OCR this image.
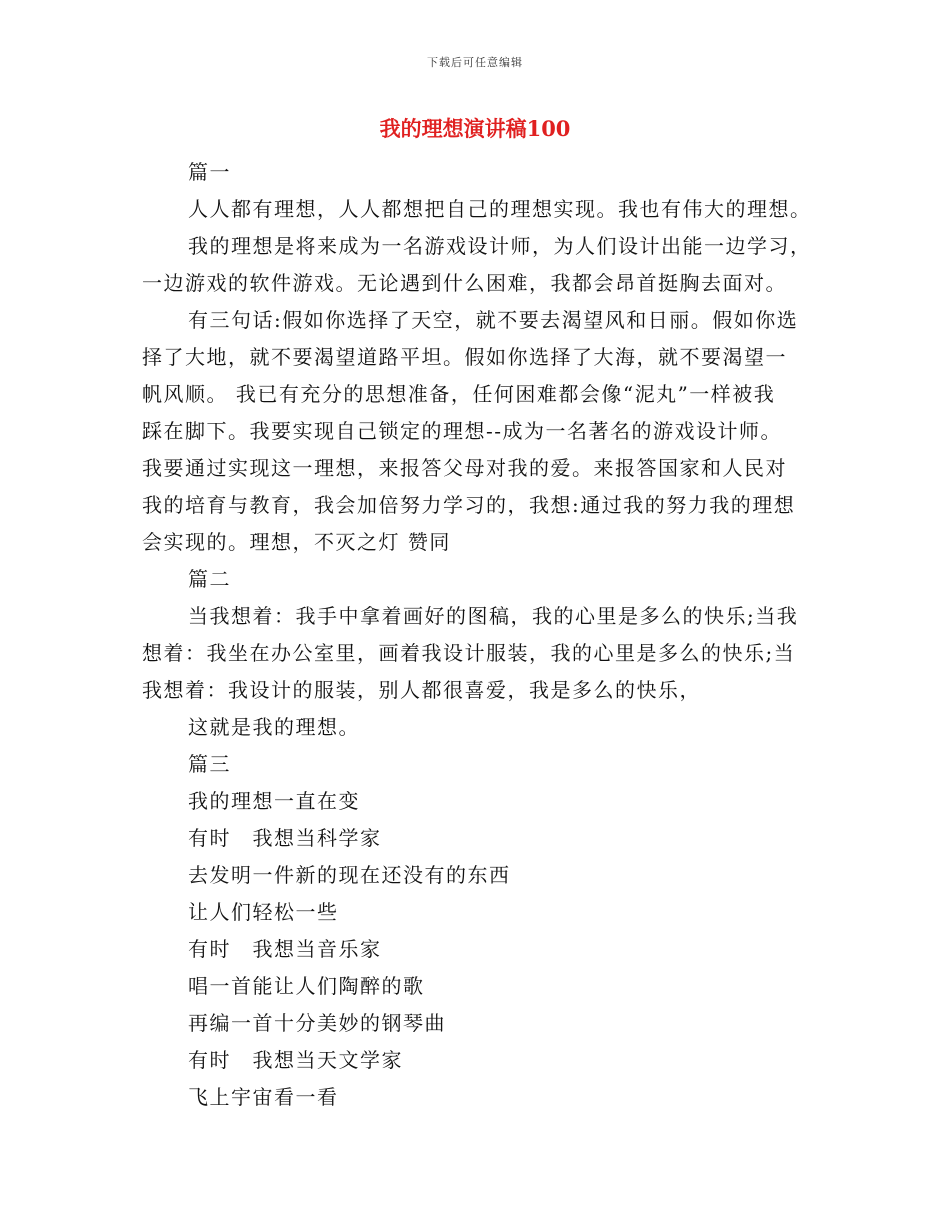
下载后可任意编辑
我的理想演讲稿100

篇一

人人都有理想，人人都想把自己的理想实现。我也有伟大的理想。

我的理想是将来成为一名游戏设计师，为人们设计出能一边学习，

一边游戏的软件游戏。无论遇到什么困难，我都会昂首挺胸去面对。

有三句话:假如你选择了天空，就不要去渴望风和日丽。假如你选

择了大地，就不要渴望道路平坦。假如你选择了大海，就不要渴望一

帆风顺。 我已有充分的思想准备，任何困难都会像“泥丸”一样被我

踩在脚下。我要实现自己锁定的理想--成为一名著名的游戏设计师。

我要通过实现这一理想，来报答父母对我的爱。来报答国家和人民对

我的培育与教育，我会加倍努力学习的，我想:通过我的努力我的理想

会实现的。理想，不灭之灯 赞同

篇二

当我想着：我手中拿着画好的图稿，我的心里是多么的快乐;当我

想着：我坐在办公室里，画着我设计服装，我的心里是多么的快乐;当

我想着：我设计的服装，别人都很喜爱，我是多么的快乐，

这就是我的理想。

篇三

我的理想一直在变

有时　我想当科学家

去发明一件新的现在还没有的东西

让人们轻松一些

有时　我想当音乐家

唱一首能让人们陶醉的歌

再编一首十分美妙的钢琴曲

有时　我想当天文学家

飞上宇宙看一看
